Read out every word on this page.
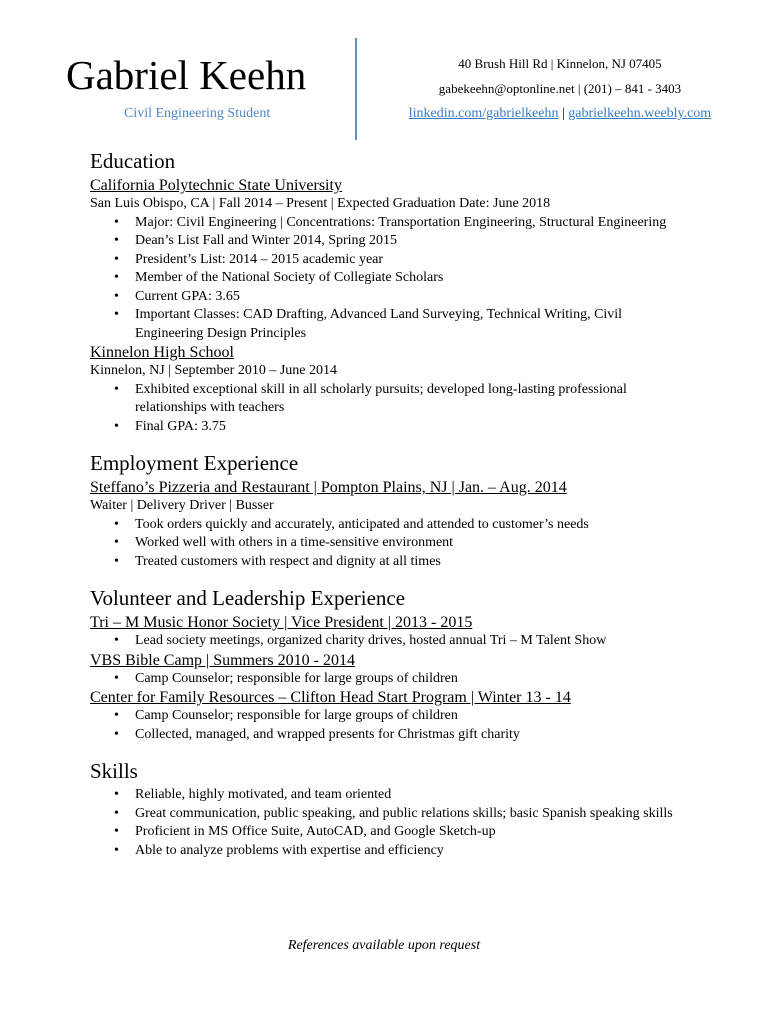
Gabriel Keehn
Civil Engineering Student
40 Brush Hill Rd | Kinnelon, NJ 07405
gabekeehn@optonline.net | (201) – 841 - 3403
linkedin.com/gabrielkeehn | gabrielkeehn.weebly.com
Education
California Polytechnic State University
San Luis Obispo, CA | Fall 2014 – Present | Expected Graduation Date: June 2018
• Major: Civil Engineering | Concentrations: Transportation Engineering, Structural Engineering
• Dean’s List Fall and Winter 2014, Spring 2015
• President’s List: 2014 – 2015 academic year
• Member of the National Society of Collegiate Scholars
• Current GPA: 3.65
• Important Classes: CAD Drafting, Advanced Land Surveying, Technical Writing, Civil Engineering Design Principles
Kinnelon High School
Kinnelon, NJ | September 2010 – June 2014
• Exhibited exceptional skill in all scholarly pursuits; developed long-lasting professional relationships with teachers
• Final GPA: 3.75
Employment Experience
Steffano’s Pizzeria and Restaurant | Pompton Plains, NJ | Jan. – Aug. 2014
Waiter | Delivery Driver | Busser
• Took orders quickly and accurately, anticipated and attended to customer’s needs
• Worked well with others in a time-sensitive environment
• Treated customers with respect and dignity at all times
Volunteer and Leadership Experience
Tri – M Music Honor Society | Vice President | 2013 - 2015
• Lead society meetings, organized charity drives, hosted annual Tri – M Talent Show
VBS Bible Camp | Summers 2010 - 2014
• Camp Counselor; responsible for large groups of children
Center for Family Resources – Clifton Head Start Program | Winter 13 - 14
• Camp Counselor; responsible for large groups of children
• Collected, managed, and wrapped presents for Christmas gift charity
Skills
• Reliable, highly motivated, and team oriented
• Great communication, public speaking, and public relations skills; basic Spanish speaking skills
• Proficient in MS Office Suite, AutoCAD, and Google Sketch-up
• Able to analyze problems with expertise and efficiency
References available upon request
